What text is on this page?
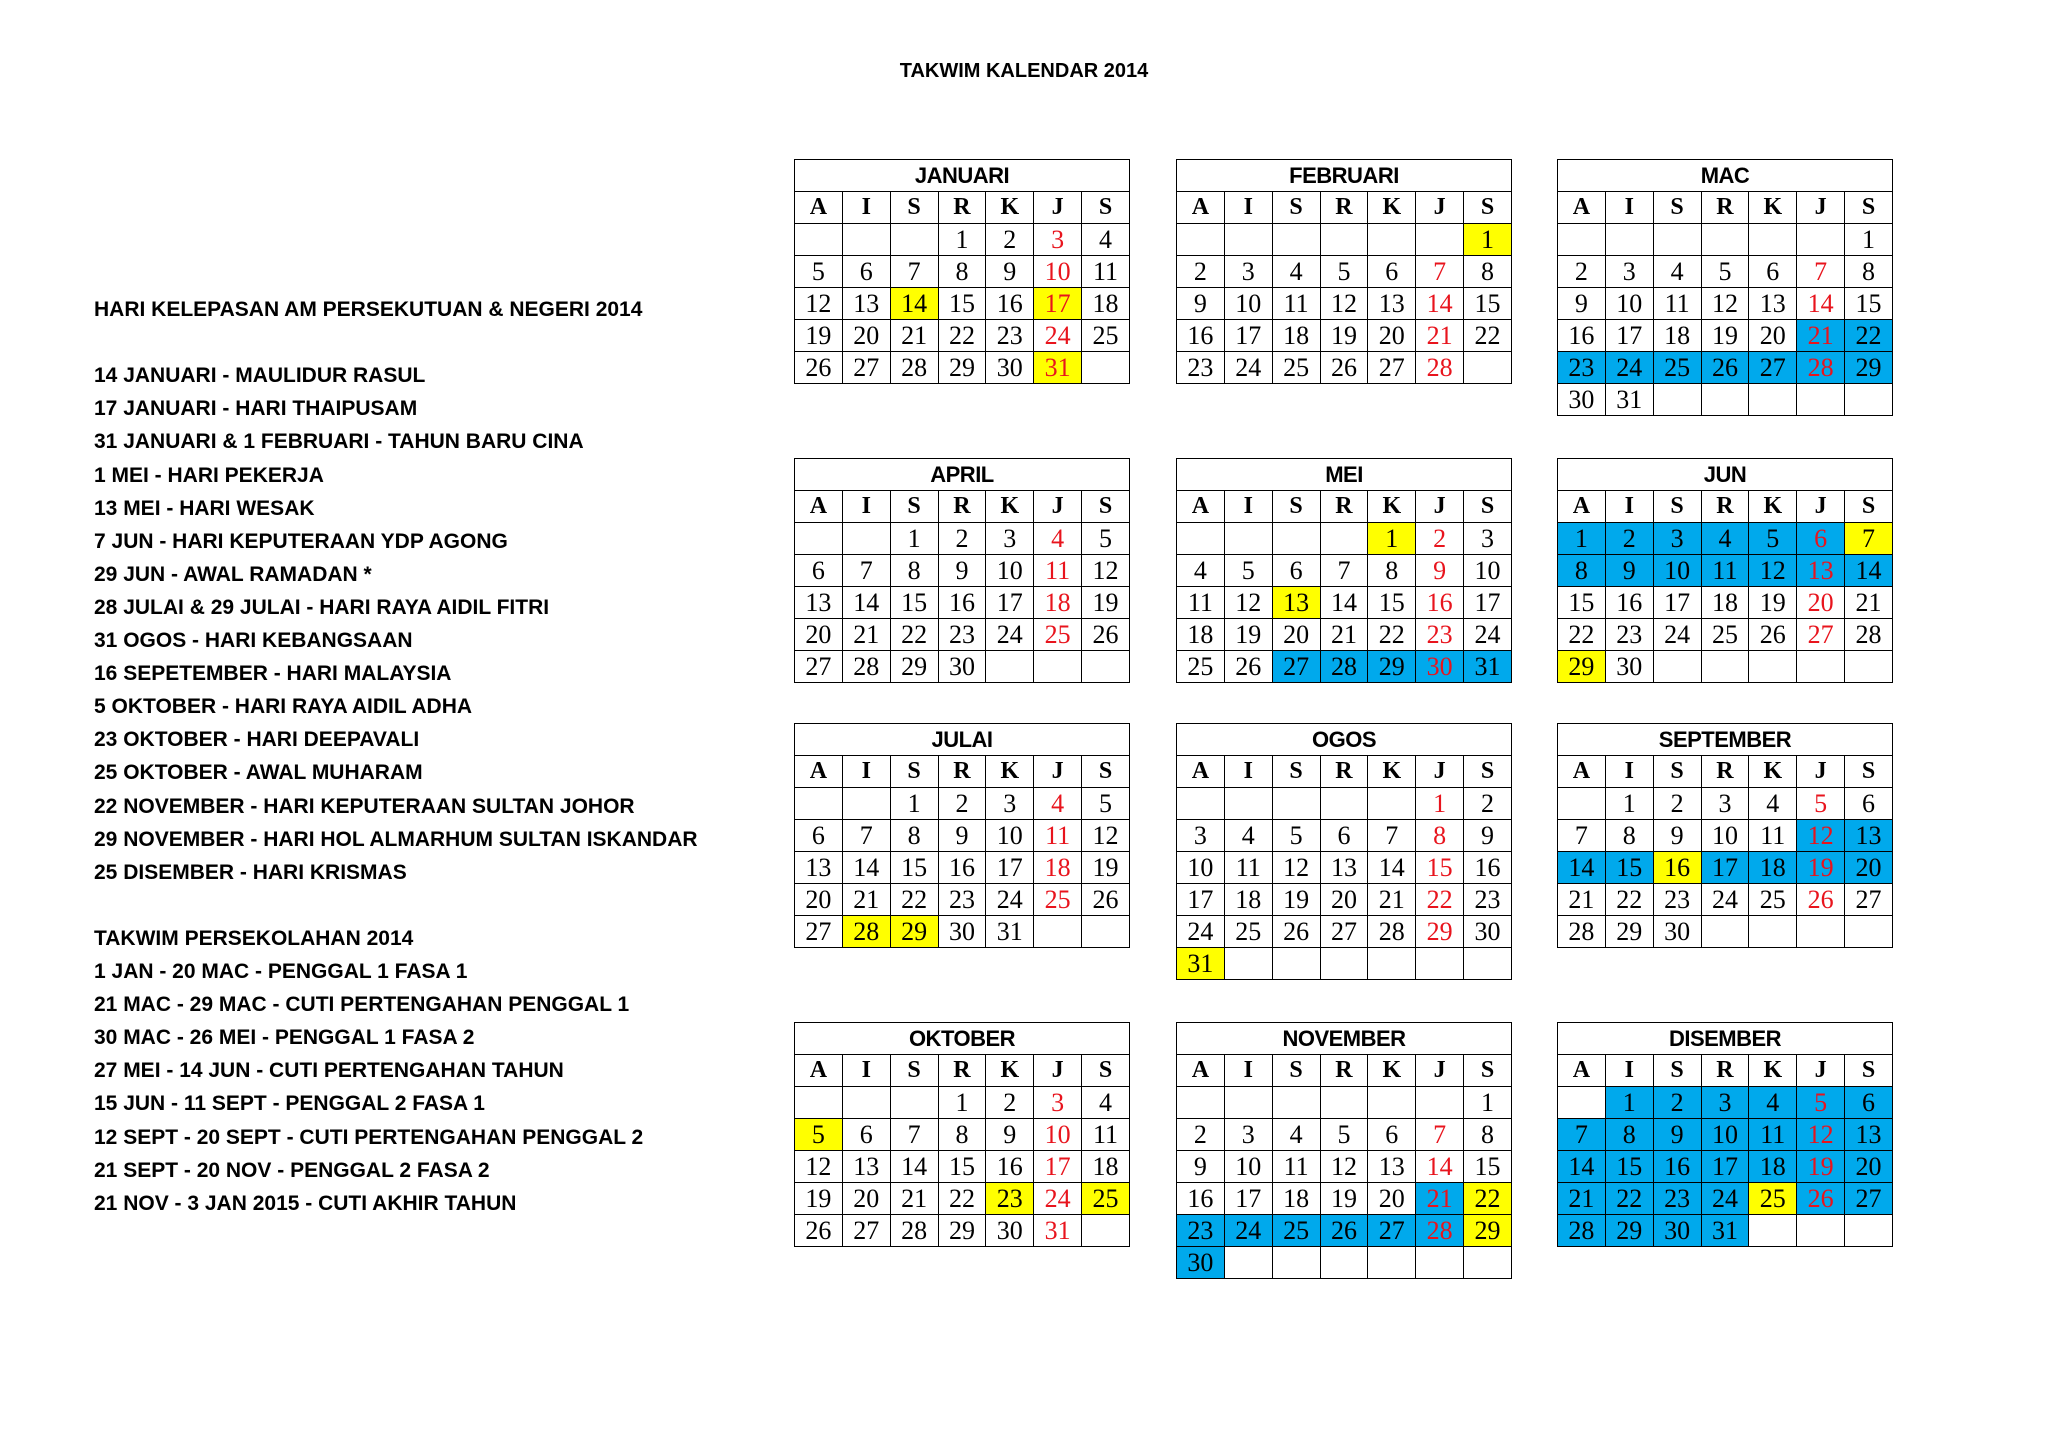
TAKWIM KALENDAR 2014
HARI KELEPASAN AM PERSEKUTUAN & NEGERI 2014
14 JANUARI - MAULIDUR RASUL
17 JANUARI - HARI THAIPUSAM
31 JANUARI & 1 FEBRUARI - TAHUN BARU CINA
1 MEI - HARI PEKERJA
13 MEI - HARI WESAK
7 JUN - HARI KEPUTERAAN YDP AGONG
29 JUN - AWAL RAMADAN *
28 JULAI & 29 JULAI - HARI RAYA AIDIL FITRI
31 OGOS - HARI KEBANGSAAN
16 SEPETEMBER - HARI MALAYSIA
5 OKTOBER - HARI RAYA AIDIL ADHA
23 OKTOBER - HARI DEEPAVALI
25 OKTOBER - AWAL MUHARAM
22 NOVEMBER - HARI KEPUTERAAN SULTAN JOHOR
29 NOVEMBER - HARI HOL ALMARHUM SULTAN ISKANDAR
25 DISEMBER - HARI KRISMAS
TAKWIM PERSEKOLAHAN 2014
1 JAN - 20 MAC - PENGGAL 1 FASA 1
21 MAC - 29 MAC - CUTI PERTENGAHAN PENGGAL 1
30 MAC - 26 MEI - PENGGAL 1 FASA 2
27 MEI - 14 JUN - CUTI PERTENGAHAN TAHUN
15 JUN - 11 SEPT - PENGGAL 2 FASA 1
12 SEPT - 20 SEPT - CUTI PERTENGAHAN PENGGAL 2
21 SEPT - 20 NOV - PENGGAL 2 FASA 2
21 NOV - 3 JAN 2015 - CUTI AKHIR TAHUN
JANUARI						
A	I	S	R	K	J	S
			1	2	3	4
5	6	7	8	9	10	11
12	13	14	15	16	17	18
19	20	21	22	23	24	25
26	27	28	29	30	31	
FEBRUARI						
A	I	S	R	K	J	S
						1
2	3	4	5	6	7	8
9	10	11	12	13	14	15
16	17	18	19	20	21	22
23	24	25	26	27	28	
MAC						
A	I	S	R	K	J	S
						1
2	3	4	5	6	7	8
9	10	11	12	13	14	15
16	17	18	19	20	21	22
23	24	25	26	27	28	29
30	31					
APRIL						
A	I	S	R	K	J	S
		1	2	3	4	5
6	7	8	9	10	11	12
13	14	15	16	17	18	19
20	21	22	23	24	25	26
27	28	29	30			
MEI						
A	I	S	R	K	J	S
				1	2	3
4	5	6	7	8	9	10
11	12	13	14	15	16	17
18	19	20	21	22	23	24
25	26	27	28	29	30	31
JUN						
A	I	S	R	K	J	S
1	2	3	4	5	6	7
8	9	10	11	12	13	14
15	16	17	18	19	20	21
22	23	24	25	26	27	28
29	30					
JULAI						
A	I	S	R	K	J	S
		1	2	3	4	5
6	7	8	9	10	11	12
13	14	15	16	17	18	19
20	21	22	23	24	25	26
27	28	29	30	31		
OGOS						
A	I	S	R	K	J	S
					1	2
3	4	5	6	7	8	9
10	11	12	13	14	15	16
17	18	19	20	21	22	23
24	25	26	27	28	29	30
31						
SEPTEMBER						
A	I	S	R	K	J	S
	1	2	3	4	5	6
7	8	9	10	11	12	13
14	15	16	17	18	19	20
21	22	23	24	25	26	27
28	29	30				
OKTOBER						
A	I	S	R	K	J	S
			1	2	3	4
5	6	7	8	9	10	11
12	13	14	15	16	17	18
19	20	21	22	23	24	25
26	27	28	29	30	31	
NOVEMBER						
A	I	S	R	K	J	S
						1
2	3	4	5	6	7	8
9	10	11	12	13	14	15
16	17	18	19	20	21	22
23	24	25	26	27	28	29
30						
DISEMBER						
A	I	S	R	K	J	S
	1	2	3	4	5	6
7	8	9	10	11	12	13
14	15	16	17	18	19	20
21	22	23	24	25	26	27
28	29	30	31			
